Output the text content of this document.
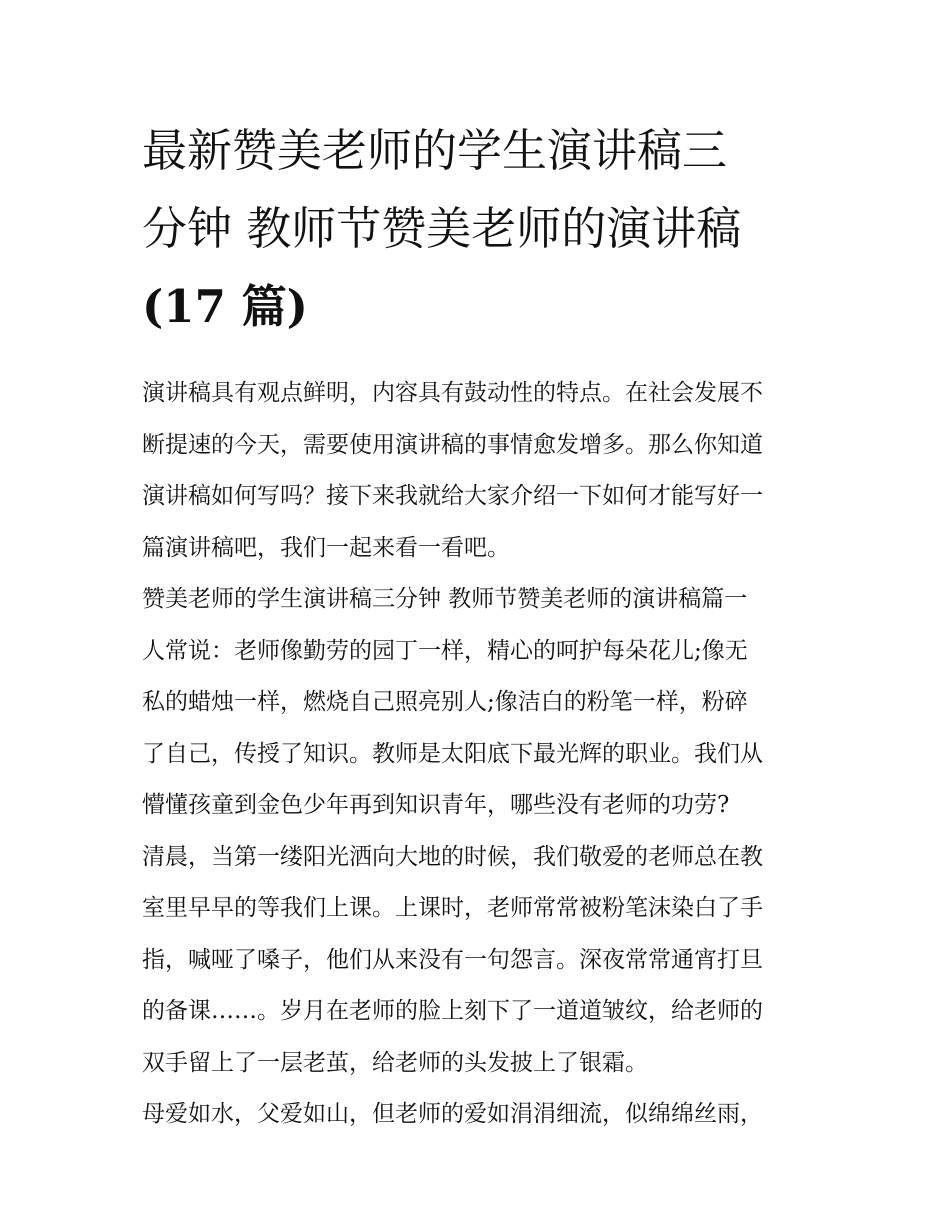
最新赞美老师的学生演讲稿三
分钟 教师节赞美老师的演讲稿
(17 篇)

演讲稿具有观点鲜明，内容具有鼓动性的特点。在社会发展不
断提速的今天，需要使用演讲稿的事情愈发增多。那么你知道
演讲稿如何写吗？接下来我就给大家介绍一下如何才能写好一
篇演讲稿吧，我们一起来看一看吧。

赞美老师的学生演讲稿三分钟 教师节赞美老师的演讲稿篇一
人常说：老师像勤劳的园丁一样，精心的呵护每朵花儿;像无
私的蜡烛一样，燃烧自己照亮别人;像洁白的粉笔一样，粉碎
了自己，传授了知识。教师是太阳底下最光辉的职业。我们从
懵懂孩童到金色少年再到知识青年，哪些没有老师的功劳?

清晨，当第一缕阳光洒向大地的时候，我们敬爱的老师总在教
室里早早的等我们上课。上课时，老师常常被粉笔沫染白了手
指，喊哑了嗓子，他们从来没有一句怨言。深夜常常通宵打旦
的备课……。岁月在老师的脸上刻下了一道道皱纹，给老师的
双手留上了一层老茧，给老师的头发披上了银霜。

母爱如水，父爱如山，但老师的爱如涓涓细流，似绵绵丝雨，
